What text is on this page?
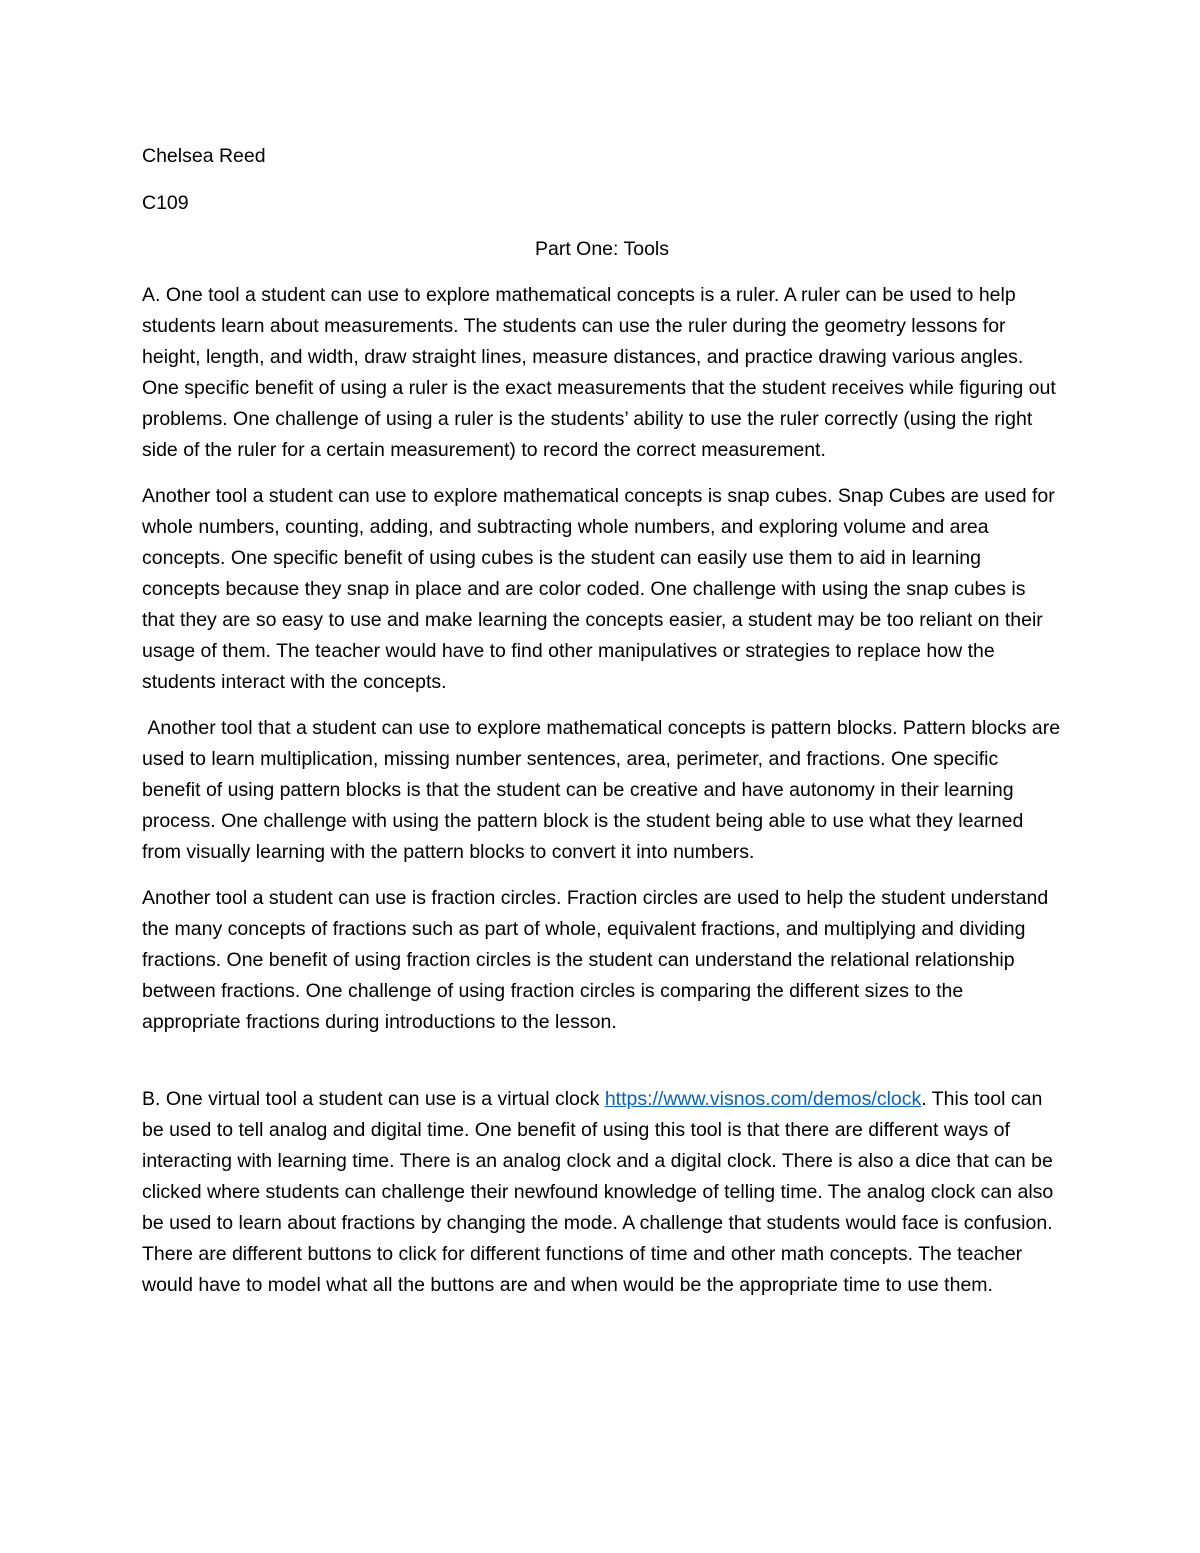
Chelsea Reed

C109

Part One: Tools

A. One tool a student can use to explore mathematical concepts is a ruler. A ruler can be used to help students learn about measurements. The students can use the ruler during the geometry lessons for height, length, and width, draw straight lines, measure distances, and practice drawing various angles. One specific benefit of using a ruler is the exact measurements that the student receives while figuring out problems. One challenge of using a ruler is the students’ ability to use the ruler correctly (using the right side of the ruler for a certain measurement) to record the correct measurement.

Another tool a student can use to explore mathematical concepts is snap cubes. Snap Cubes are used for whole numbers, counting, adding, and subtracting whole numbers, and exploring volume and area concepts. One specific benefit of using cubes is the student can easily use them to aid in learning concepts because they snap in place and are color coded. One challenge with using the snap cubes is that they are so easy to use and make learning the concepts easier, a student may be too reliant on their usage of them. The teacher would have to find other manipulatives or strategies to replace how the students interact with the concepts.

Another tool that a student can use to explore mathematical concepts is pattern blocks. Pattern blocks are used to learn multiplication, missing number sentences, area, perimeter, and fractions. One specific benefit of using pattern blocks is that the student can be creative and have autonomy in their learning process. One challenge with using the pattern block is the student being able to use what they learned from visually learning with the pattern blocks to convert it into numbers.

Another tool a student can use is fraction circles. Fraction circles are used to help the student understand the many concepts of fractions such as part of whole, equivalent fractions, and multiplying and dividing fractions. One benefit of using fraction circles is the student can understand the relational relationship between fractions. One challenge of using fraction circles is comparing the different sizes to the appropriate fractions during introductions to the lesson.

B. One virtual tool a student can use is a virtual clock https://www.visnos.com/demos/clock. This tool can be used to tell analog and digital time. One benefit of using this tool is that there are different ways of interacting with learning time. There is an analog clock and a digital clock. There is also a dice that can be clicked where students can challenge their newfound knowledge of telling time. The analog clock can also be used to learn about fractions by changing the mode. A challenge that students would face is confusion. There are different buttons to click for different functions of time and other math concepts. The teacher would have to model what all the buttons are and when would be the appropriate time to use them.
